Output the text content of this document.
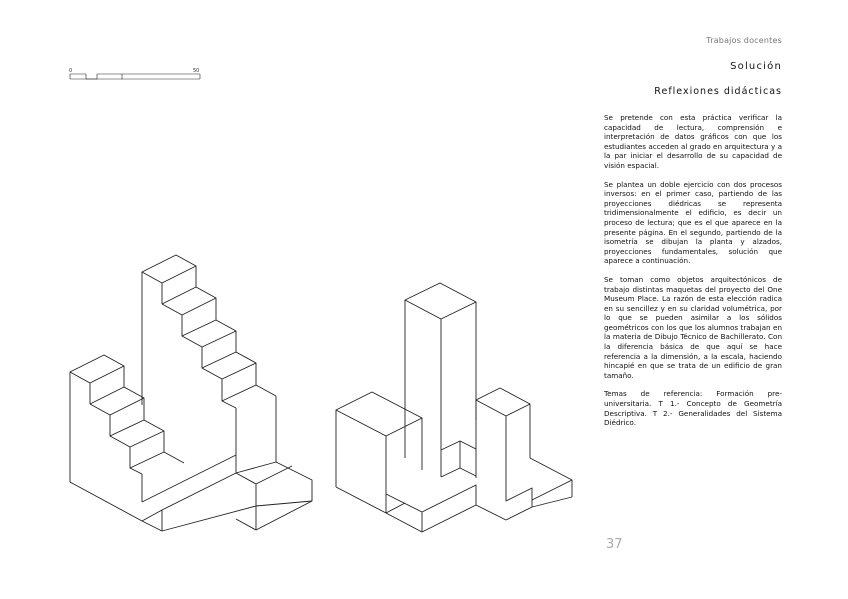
Trabajos docentes
Solución
Reflexiones didácticas

Se pretende con esta práctica verificar la capacidad de lectura, comprensión e interpretación de datos gráficos con que los estudiantes acceden al grado en arquitectura y a la par iniciar el desarrollo de su capacidad de visión espacial.

Se plantea un doble ejercicio con dos procesos inversos: en el primer caso, partiendo de las proyecciones diédricas se representa tridimensionalmente el edificio, es decir un proceso de lectura; que es el que aparece en la presente página. En el segundo, partiendo de la isometría se dibujan la planta y alzados, proyecciones fundamentales, solución que aparece a continuación.

Se toman como objetos arquitectónicos de trabajo distintas maquetas del proyecto del One Museum Place. La razón de esta elección radica en su sencillez y en su claridad volumétrica, por lo que se pueden asimilar a los sólidos geométricos con los que los alumnos trabajan en la materia de Dibujo Técnico de Bachillerato. Con la diferencia básica de que aquí se hace referencia a la dimensión, a la escala, haciendo hincapié en que se trata de un edificio de gran tamaño.

Temas de referencia: Formación pre-universitaria. T 1.- Concepto de Geometría Descriptiva. T 2.- Generalidades del Sistema Diédrico.

37
0	50
